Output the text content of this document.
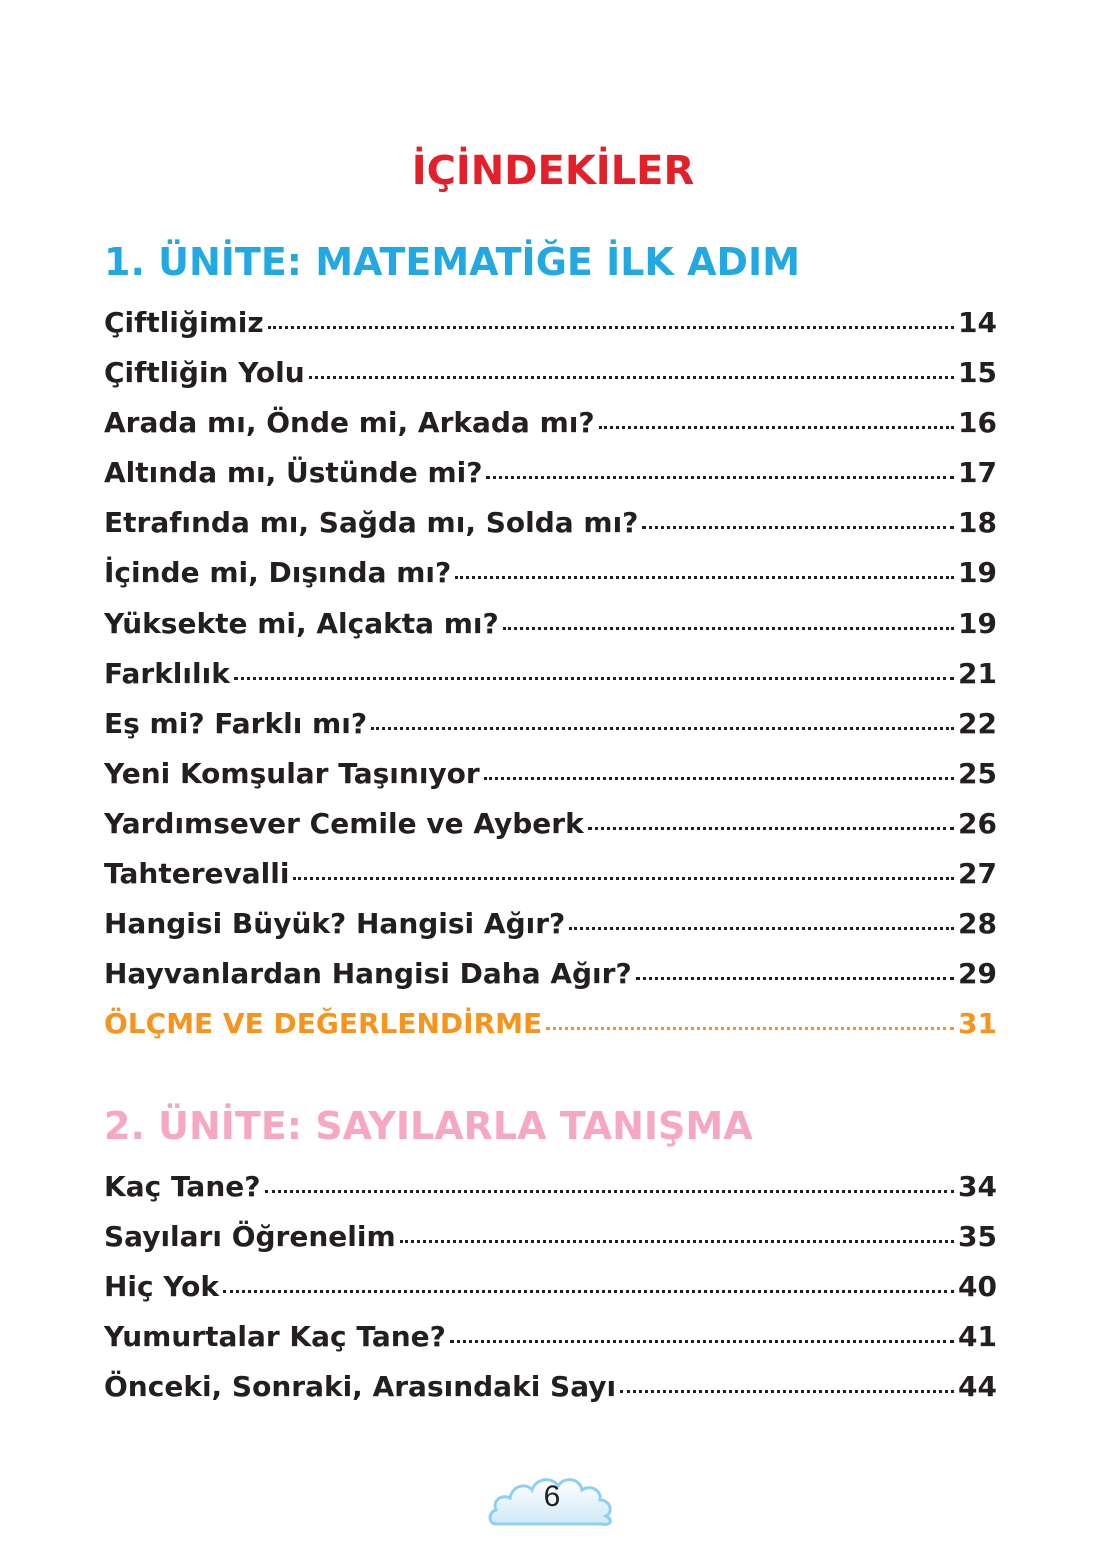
İÇİNDEKİLER
1. ÜNİTE: MATEMATİĞE İLK ADIM
Çiftliğimiz	14
Çiftliğin Yolu	15
Arada mı, Önde mi, Arkada mı?	16
Altında mı, Üstünde mi?	17
Etrafında mı, Sağda mı, Solda mı?	18
İçinde mi, Dışında mı?	19
Yüksekte mi, Alçakta mı?	19
Farklılık	21
Eş mi? Farklı mı?	22
Yeni Komşular Taşınıyor	25
Yardımsever Cemile ve Ayberk	26
Tahterevalli	27
Hangisi Büyük? Hangisi Ağır?	28
Hayvanlardan Hangisi Daha Ağır?	29
ÖLÇME VE DEĞERLENDİRME	31
2. ÜNİTE: SAYILARLA TANIŞMA
Kaç Tane?	34
Sayıları Öğrenelim	35
Hiç Yok	40
Yumurtalar Kaç Tane?	41
Önceki, Sonraki, Arasındaki Sayı	44
6
